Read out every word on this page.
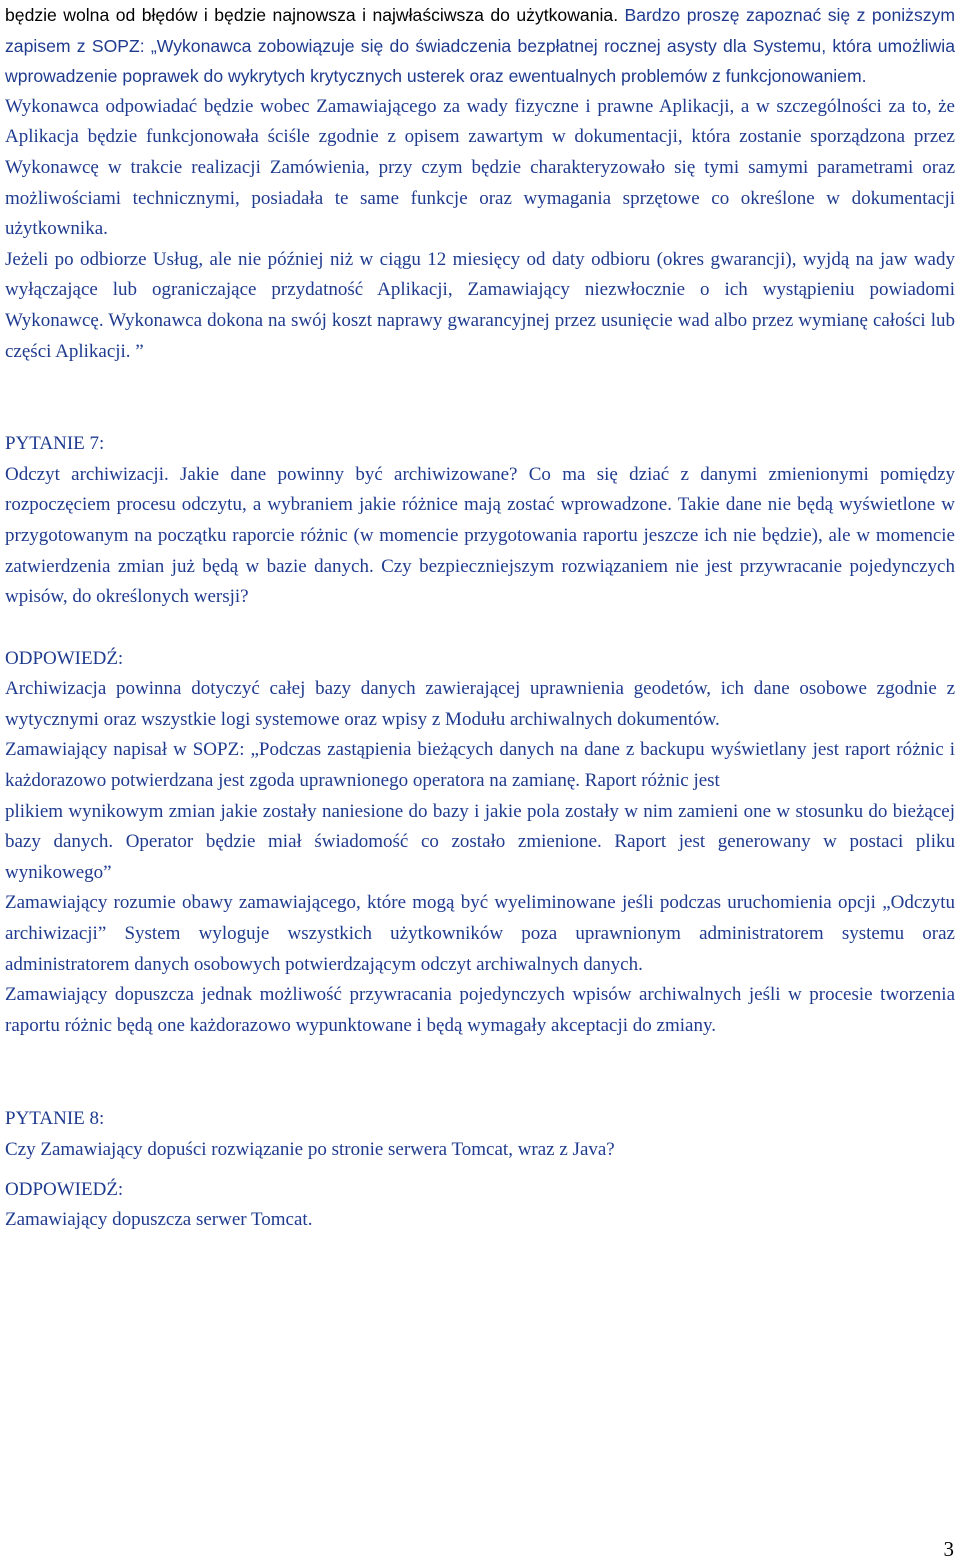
będzie wolna od błędów i będzie najnowsza i najwłaściwsza do użytkowania. Bardzo proszę zapoznać się z poniższym zapisem z SOPZ: „Wykonawca zobowiązuje się do świadczenia bezpłatnej rocznej asysty dla Systemu, która umożliwia wprowadzenie poprawek do wykrytych krytycznych usterek oraz ewentualnych problemów z funkcjonowaniem.

Wykonawca odpowiadać będzie wobec Zamawiającego za wady fizyczne i prawne Aplikacji, a w szczególności za to, że Aplikacja będzie funkcjonowała ściśle zgodnie z opisem zawartym w dokumentacji, która zostanie sporządzona przez Wykonawcę w trakcie realizacji Zamówienia, przy czym będzie charakteryzowało się tymi samymi parametrami oraz możliwościami technicznymi, posiadała te same funkcje oraz wymagania sprzętowe co określone w dokumentacji użytkownika.

Jeżeli po odbiorze Usług, ale nie później niż w ciągu 12 miesięcy od daty odbioru (okres gwarancji), wyjdą na jaw wady wyłączające lub ograniczające przydatność Aplikacji, Zamawiający niezwłocznie o ich wystąpieniu powiadomi Wykonawcę. Wykonawca dokona na swój koszt naprawy gwarancyjnej przez usunięcie wad albo przez wymianę całości lub części Aplikacji. ”

PYTANIE 7:

Odczyt archiwizacji. Jakie dane powinny być archiwizowane? Co ma się dziać z danymi zmienionymi pomiędzy rozpoczęciem procesu odczytu, a wybraniem jakie różnice mają zostać wprowadzone. Takie dane nie będą wyświetlone w przygotowanym na początku raporcie różnic (w momencie przygotowania raportu jeszcze ich nie będzie), ale w momencie zatwierdzenia zmian już będą w bazie danych. Czy bezpieczniejszym rozwiązaniem nie jest przywracanie pojedynczych wpisów, do określonych wersji?

ODPOWIEDŹ:

Archiwizacja powinna dotyczyć całej bazy danych zawierającej uprawnienia geodetów, ich dane osobowe zgodnie z wytycznymi oraz wszystkie logi systemowe oraz wpisy z Modułu archiwalnych dokumentów.

Zamawiający napisał w SOPZ: „Podczas zastąpienia bieżących danych na dane z backupu wyświetlany jest raport różnic i każdorazowo potwierdzana jest zgoda uprawnionego operatora na zamianę. Raport różnic jest

plikiem wynikowym zmian jakie zostały naniesione do bazy i jakie pola zostały w nim zamieni one w stosunku do bieżącej bazy danych. Operator będzie miał świadomość co zostało zmienione. Raport jest generowany w postaci pliku wynikowego”

Zamawiający rozumie obawy zamawiającego, które mogą być wyeliminowane jeśli podczas uruchomienia opcji „Odczytu archiwizacji” System wyloguje wszystkich użytkowników poza uprawnionym administratorem systemu oraz administratorem danych osobowych potwierdzającym odczyt archiwalnych danych.

Zamawiający dopuszcza jednak możliwość przywracania pojedynczych wpisów archiwalnych jeśli w procesie tworzenia raportu różnic będą one każdorazowo wypunktowane i będą wymagały akceptacji do zmiany.

PYTANIE 8:

Czy Zamawiający dopuści rozwiązanie po stronie serwera Tomcat, wraz z Java?

ODPOWIEDŹ:

Zamawiający dopuszcza serwer Tomcat.

3
